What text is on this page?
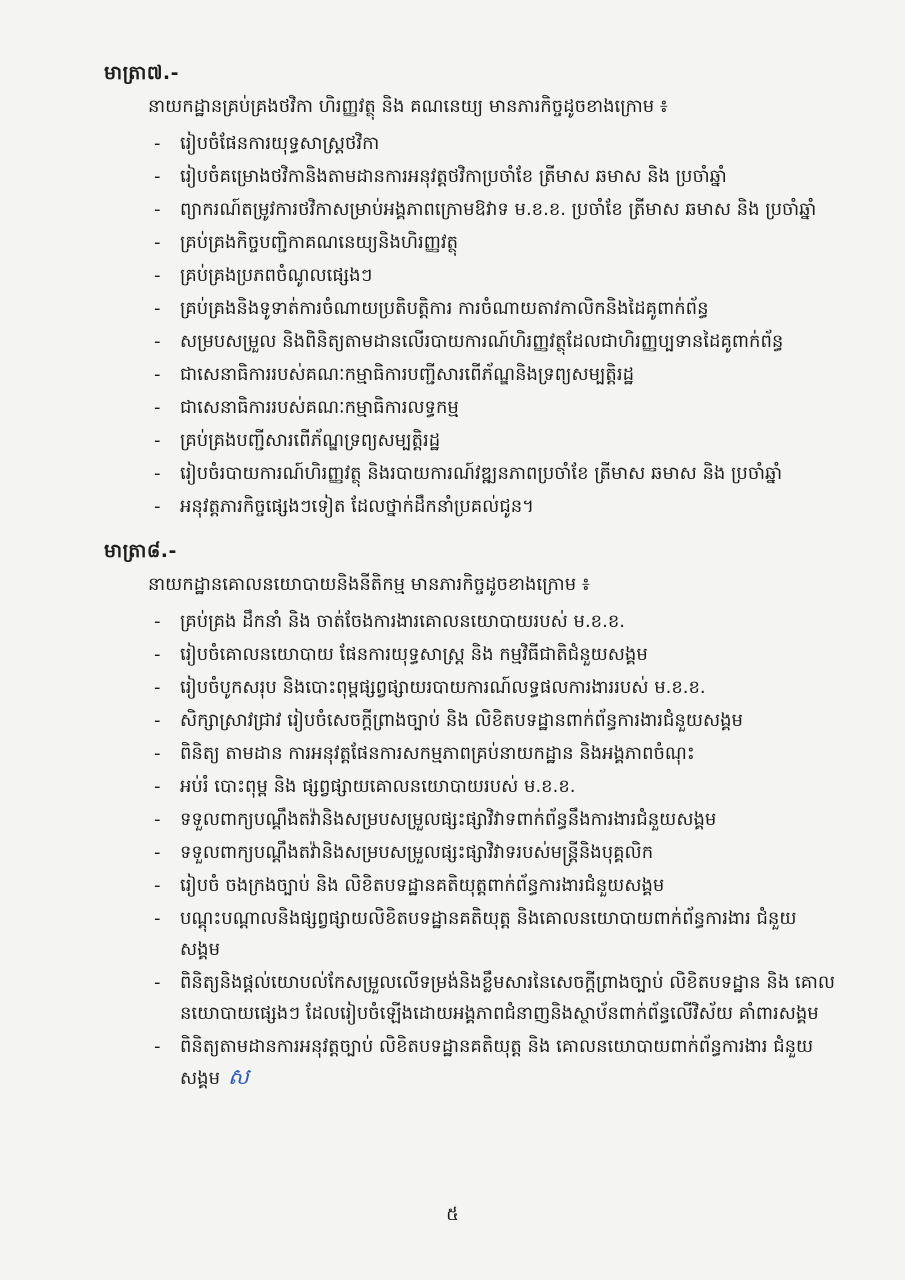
មាត្រា៧.-

នាយកដ្ឋានគ្រប់គ្រងថវិកា ហិរញ្ញវត្ថុ និង គណនេយ្យ មានភារកិច្ចដូចខាងក្រោម ៖

- រៀបចំផែនការយុទ្ធសាស្ត្រថវិកា
- រៀបចំគម្រោងថវិកានិងតាមដានការអនុវត្តថវិកាប្រចាំខែ ត្រីមាស ឆមាស និង ប្រចាំឆ្នាំ
- ព្យាករណ៍តម្រូវការថវិកាសម្រាប់អង្គភាពក្រោមឱវាទ ម.ខ.ខ. ប្រចាំខែ ត្រីមាស ឆមាស និង ប្រចាំឆ្នាំ
- គ្រប់គ្រងកិច្ចបញ្ជិកាគណនេយ្យនិងហិរញ្ញវត្ថុ
- គ្រប់គ្រងប្រភពចំណូលផ្សេងៗ
- គ្រប់គ្រងនិងទូទាត់ការចំណាយប្រតិបត្តិការ ការចំណាយតាវកាលិកនិងដៃគូពាក់ព័ន្ធ
- សម្របសម្រួល និងពិនិត្យតាមដានលើរបាយការណ៍ហិរញ្ញវត្ថុដែលជាហិរញ្ញប្បទានដៃគូពាក់ព័ន្ធ
- ជាសេនាធិការរបស់គណៈកម្មាធិការបញ្ជីសារពើភ័ណ្ឌនិងទ្រព្យសម្បត្តិរដ្ឋ
- ជាសេនាធិការរបស់គណៈកម្មាធិការលទ្ធកម្ម
- គ្រប់គ្រងបញ្ជីសារពើភ័ណ្ឌទ្រព្យសម្បត្តិរដ្ឋ
- រៀបចំរបាយការណ៍ហិរញ្ញវត្ថុ និងរបាយការណ៍វឌ្ឍនភាពប្រចាំខែ ត្រីមាស ឆមាស និង ប្រចាំឆ្នាំ
- អនុវត្តភារកិច្ចផ្សេងៗទៀត ដែលថ្នាក់ដឹកនាំប្រគល់ជូន។
មាត្រា៨.-

នាយកដ្ឋានគោលនយោបាយនិងនីតិកម្ម មានភារកិច្ចដូចខាងក្រោម ៖

- គ្រប់គ្រង ដឹកនាំ និង ចាត់ចែងការងារគោលនយោបាយរបស់ ម.ខ.ខ.
- រៀបចំគោលនយោបាយ ផែនការយុទ្ធសាស្ត្រ និង កម្មវិធីជាតិជំនួយសង្គម
- រៀបចំបូកសរុប និងបោះពុម្ពផ្សព្វផ្សាយរបាយការណ៍លទ្ធផលការងាររបស់ ម.ខ.ខ.
- សិក្សាស្រាវជ្រាវ រៀបចំសេចក្តីព្រាងច្បាប់ និង លិខិតបទដ្ឋានពាក់ព័ន្ធការងារជំនួយសង្គម
- ពិនិត្យ តាមដាន ការអនុវត្តផែនការសកម្មភាពគ្រប់នាយកដ្ឋាន និងអង្គភាពចំណុះ
- អប់រំ បោះពុម្ព និង ផ្សព្វផ្សាយគោលនយោបាយរបស់ ម.ខ.ខ.
- ទទួលពាក្យបណ្តឹងតវ៉ានិងសម្របសម្រួលផ្សះផ្សាវិវាទពាក់ព័ន្ធនឹងការងារជំនួយសង្គម
- ទទួលពាក្យបណ្តឹងតវ៉ានិងសម្របសម្រួលផ្សះផ្សាវិវាទរបស់មន្ត្រីនិងបុគ្គលិក
- រៀបចំ ចងក្រងច្បាប់ និង លិខិតបទដ្ឋានគតិយុត្តពាក់ព័ន្ធការងារជំនួយសង្គម
- បណ្តុះបណ្តាលនិងផ្សព្វផ្សាយលិខិតបទដ្ឋានគតិយុត្ត និងគោលនយោបាយពាក់ព័ន្ធការងារ ជំនួយសង្គម
- ពិនិត្យនិងផ្តល់យោបល់កែសម្រួលលើទម្រង់និងខ្លឹមសារនៃសេចក្តីព្រាងច្បាប់ លិខិតបទដ្ឋាន និង គោលនយោបាយផ្សេងៗ ដែលរៀបចំឡើងដោយអង្គភាពជំនាញនិងស្ថាប័នពាក់ព័ន្ធលើវិស័យ គាំពារសង្គម
- ពិនិត្យតាមដានការអនុវត្តច្បាប់ លិខិតបទដ្ឋានគតិយុត្ត និង គោលនយោបាយពាក់ព័ន្ធការងារ ជំនួយសង្គម ស
៥
